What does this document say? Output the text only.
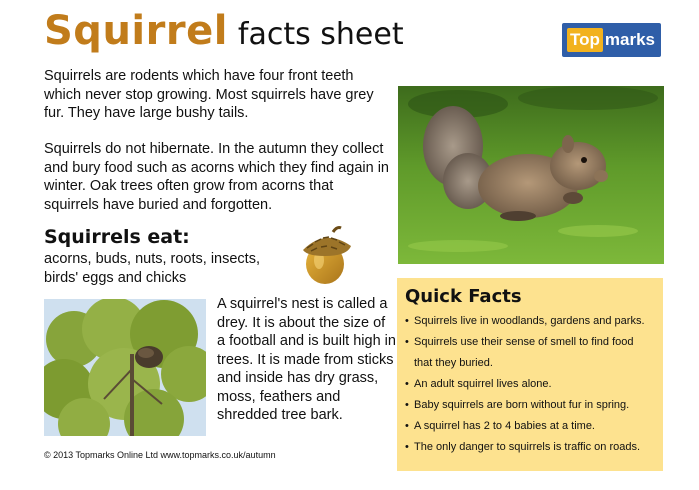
Squirrel facts sheet	Top marks

Squirrels are rodents which have four front teeth which never stop growing. Most squirrels have grey fur. They have large bushy tails.

Squirrels do not hibernate. In the autumn they collect and bury food such as acorns which they find again in winter. Oak trees often grow from acorns that squirrels have buried and forgotten.

Squirrels eat:

acorns, buds, nuts, roots, insects, birds' eggs and chicks

A squirrel's nest is called a drey. It is about the size of a football and is built high in trees. It is made from sticks and inside has dry grass, moss, feathers and shredded tree bark.

Quick Facts
• Squirrels live in woodlands, gardens and parks.
• Squirrels use their sense of smell to find food
that they buried.
• An adult squirrel lives alone.
• Baby squirrels are born without fur in spring.
• A squirrel has 2 to 4 babies at a time.
• The only danger to squirrels is traffic on roads.
© 2013 Topmarks Online Ltd www.topmarks.co.uk/autumn
